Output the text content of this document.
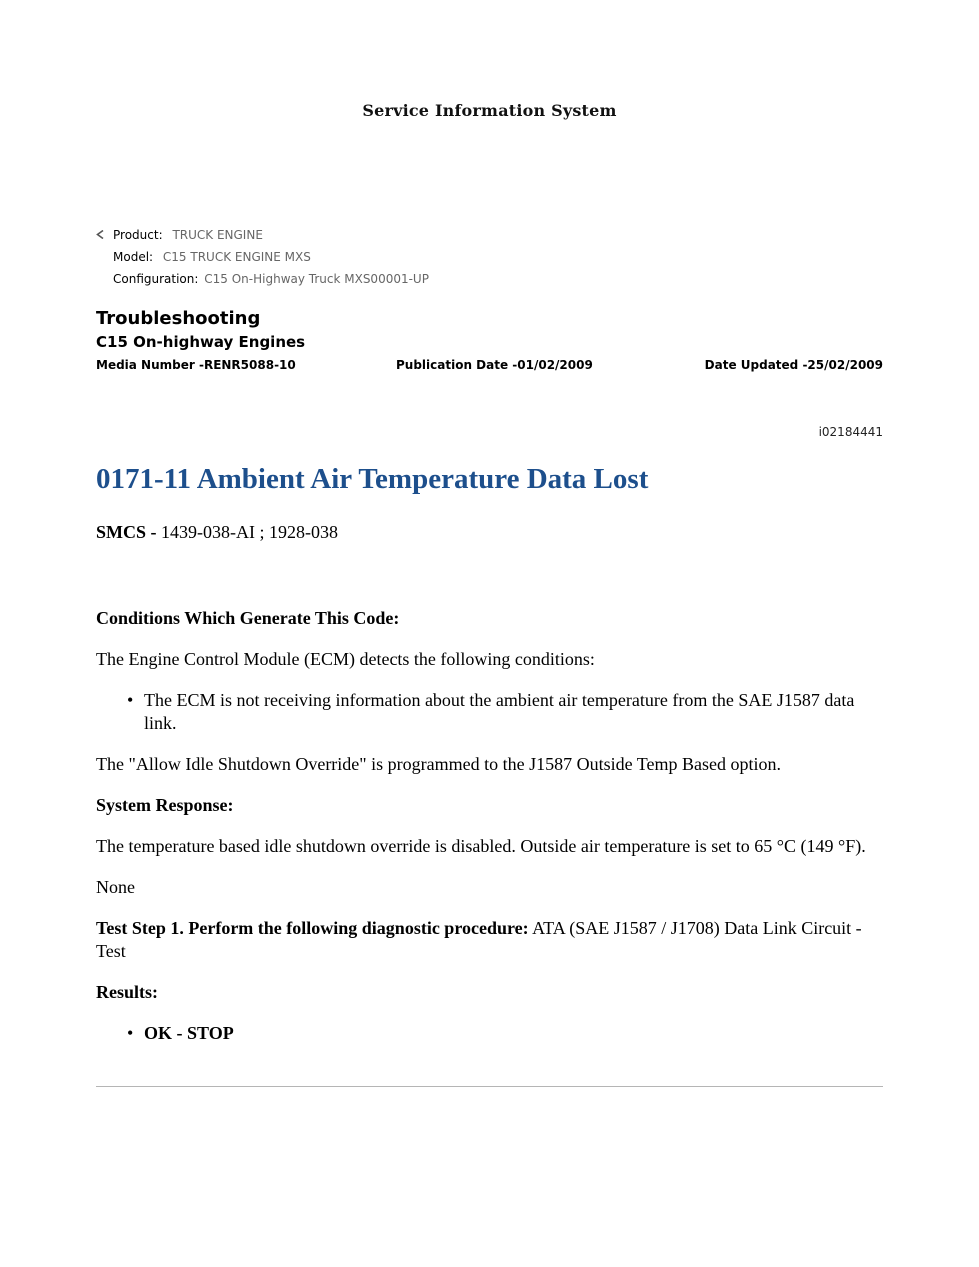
Service Information System
Product: TRUCK ENGINE
Model: C15 TRUCK ENGINE MXS
Configuration: C15 On-Highway Truck MXS00001-UP
Troubleshooting
C15 On-highway Engines
Media Number -RENR5088-10	Publication Date -01/02/2009	Date Updated -25/02/2009
i02184441
0171-11 Ambient Air Temperature Data Lost

SMCS - 1439-038-AI ; 1928-038

Conditions Which Generate This Code:

The Engine Control Module (ECM) detects the following conditions:

• The ECM is not receiving information about the ambient air temperature from the SAE J1587 data link.

The "Allow Idle Shutdown Override" is programmed to the J1587 Outside Temp Based option.

System Response:

The temperature based idle shutdown override is disabled. Outside air temperature is set to 65 °C (149 °F).

None

Test Step 1. Perform the following diagnostic procedure: ATA (SAE J1587 / J1708) Data Link Circuit - Test

Results:

• OK - STOP
